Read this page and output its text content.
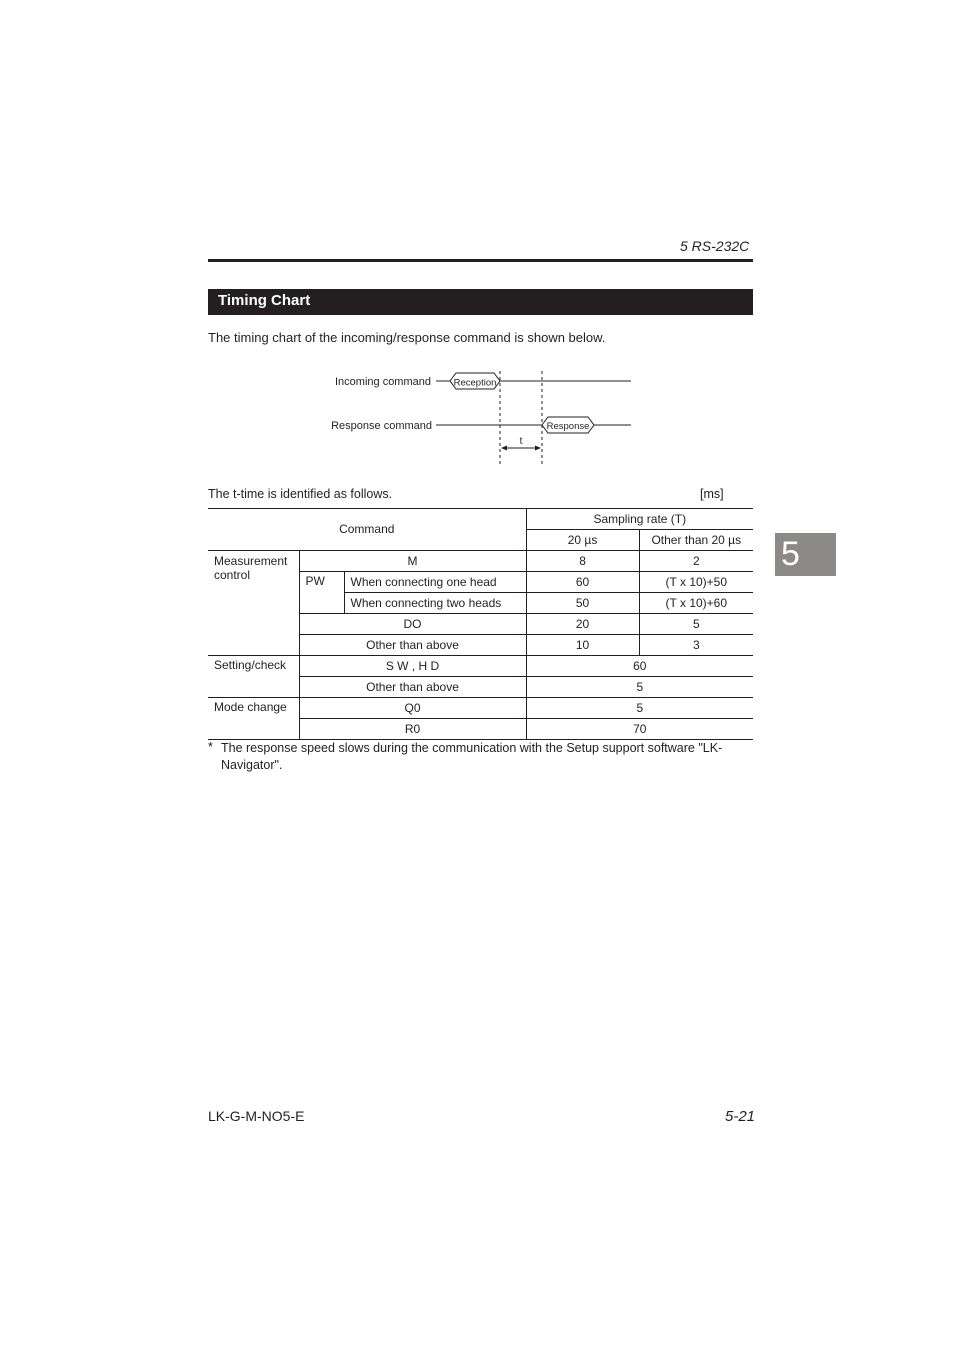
5 RS-232C
Timing Chart
The timing chart of the incoming/response command is shown below.
Incoming command Reception
Response command	Response
t
The t-time is identified as follows.	[ms]
Command			Sampling rate (T)	
			20 µs	Other than 20 µs
Measurement control	M		8	2
	PW	When connecting one head	60	(T x 10)+50
		When connecting two heads	50	(T x 10)+60
	DO		20	5
	Other than above		10	3
Setting/check	S W , H D		60	
	Other than above		5	
Mode change	Q0		5	
	R0		70	
* The response speed slows during the communication with the Setup support software "LK-Navigator".
5
LK-G-M-NO5-E	5-21
